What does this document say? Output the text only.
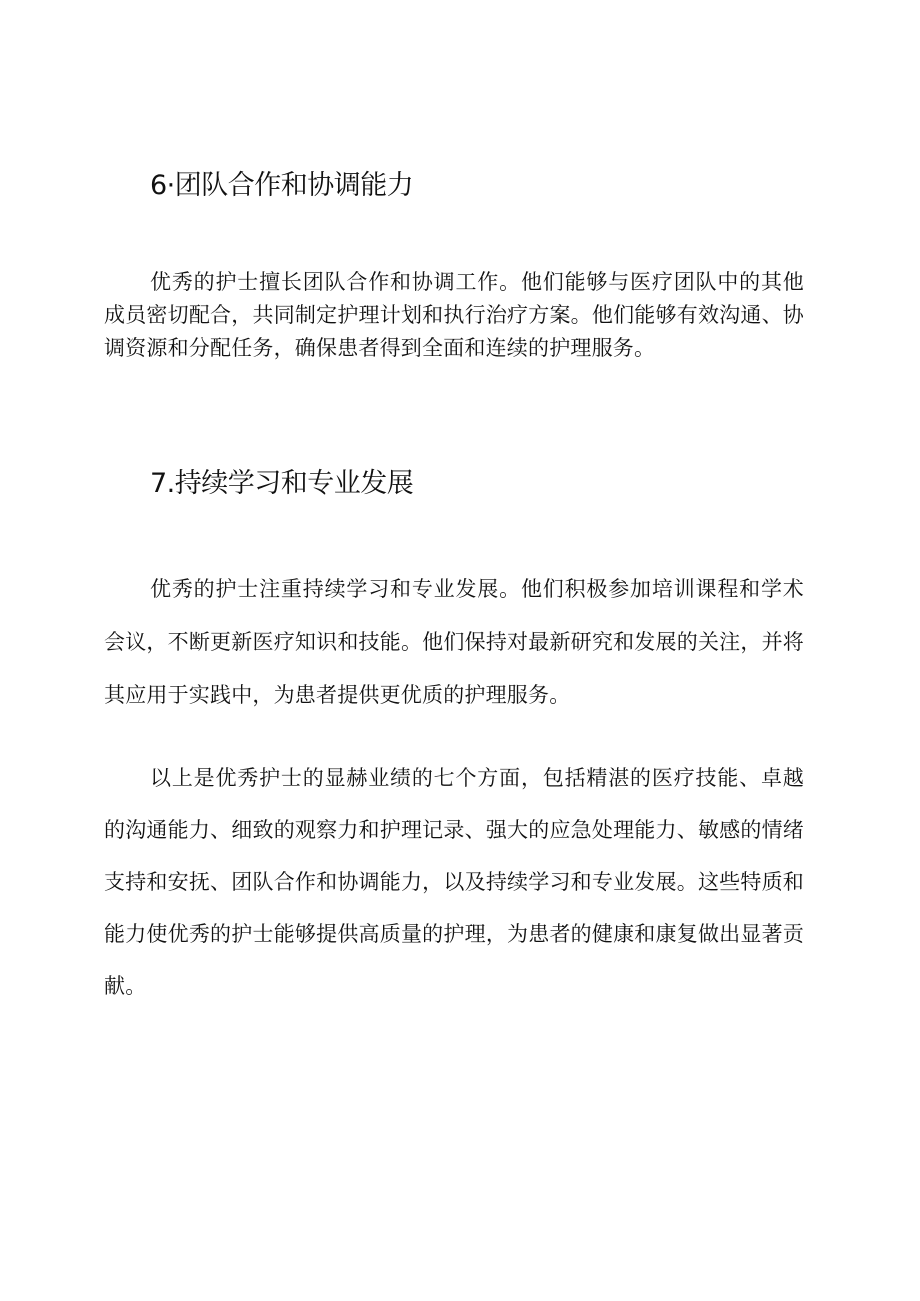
6·团队合作和协调能力

优秀的护士擅长团队合作和协调工作。他们能够与医疗团队中的其他成员密切配合，共同制定护理计划和执行治疗方案。他们能够有效沟通、协调资源和分配任务，确保患者得到全面和连续的护理服务。

7.持续学习和专业发展

优秀的护士注重持续学习和专业发展。他们积极参加培训课程和学术会议，不断更新医疗知识和技能。他们保持对最新研究和发展的关注，并将其应用于实践中，为患者提供更优质的护理服务。

以上是优秀护士的显赫业绩的七个方面，包括精湛的医疗技能、卓越的沟通能力、细致的观察力和护理记录、强大的应急处理能力、敏感的情绪支持和安抚、团队合作和协调能力，以及持续学习和专业发展。这些特质和能力使优秀的护士能够提供高质量的护理，为患者的健康和康复做出显著贡献。
